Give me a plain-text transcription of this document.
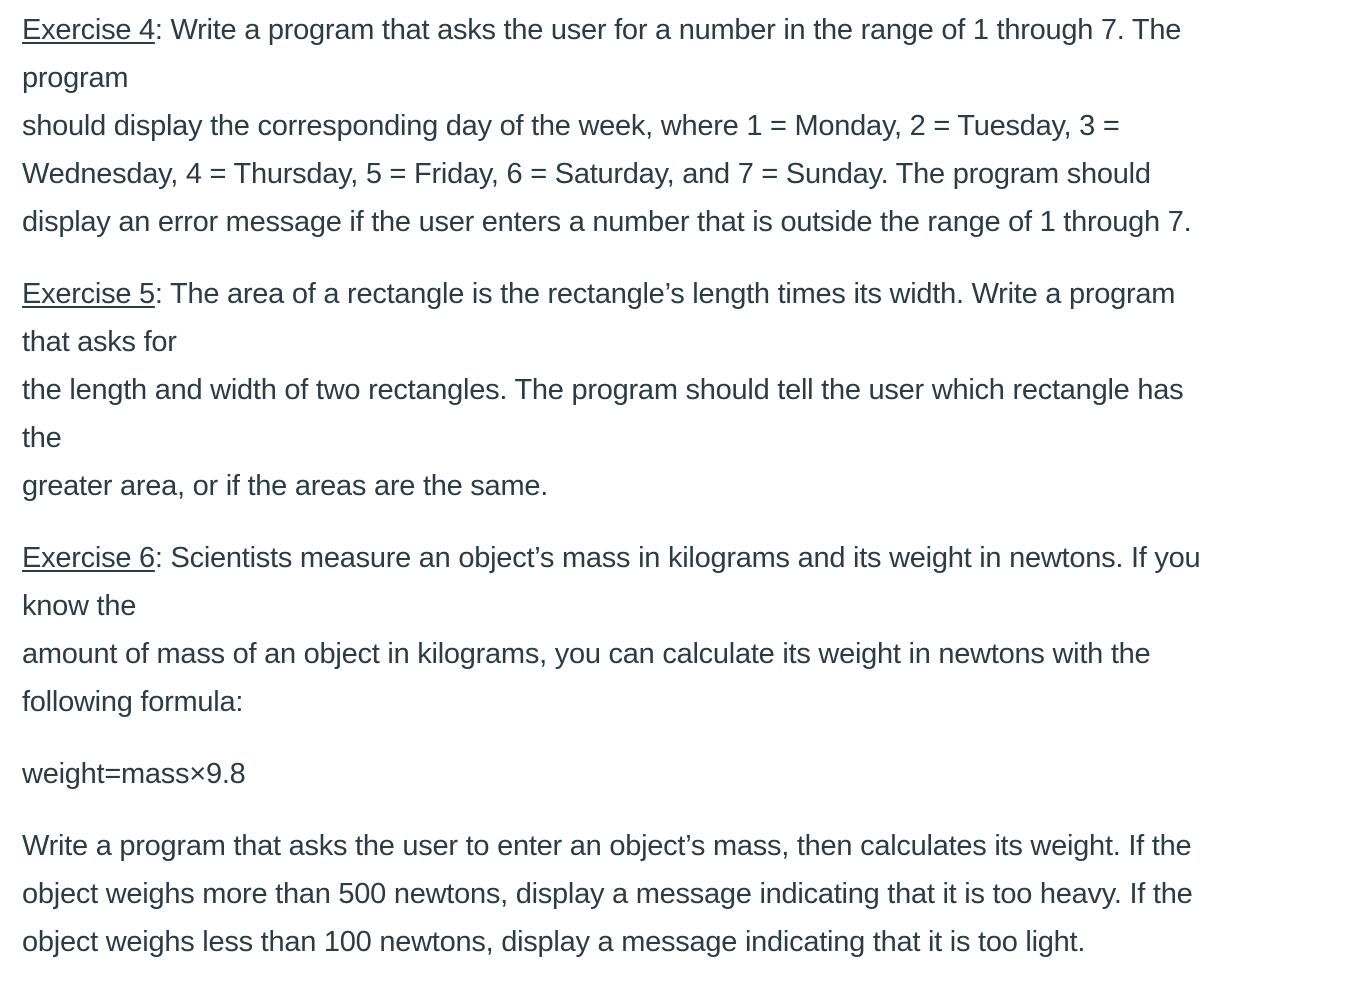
Exercise 4: Write a program that asks the user for a number in the range of 1 through 7. The
program
should display the corresponding day of the week, where 1 = Monday, 2 = Tuesday, 3 =
Wednesday, 4 = Thursday, 5 = Friday, 6 = Saturday, and 7 = Sunday. The program should
display an error message if the user enters a number that is outside the range of 1 through 7.
Exercise 5: The area of a rectangle is the rectangle’s length times its width. Write a program
that asks for
the length and width of two rectangles. The program should tell the user which rectangle has
the
greater area, or if the areas are the same.
Exercise 6: Scientists measure an object’s mass in kilograms and its weight in newtons. If you
know the
amount of mass of an object in kilograms, you can calculate its weight in newtons with the
following formula:
weight=mass×9.8
Write a program that asks the user to enter an object’s mass, then calculates its weight. If the
object weighs more than 500 newtons, display a message indicating that it is too heavy. If the
object weighs less than 100 newtons, display a message indicating that it is too light.
